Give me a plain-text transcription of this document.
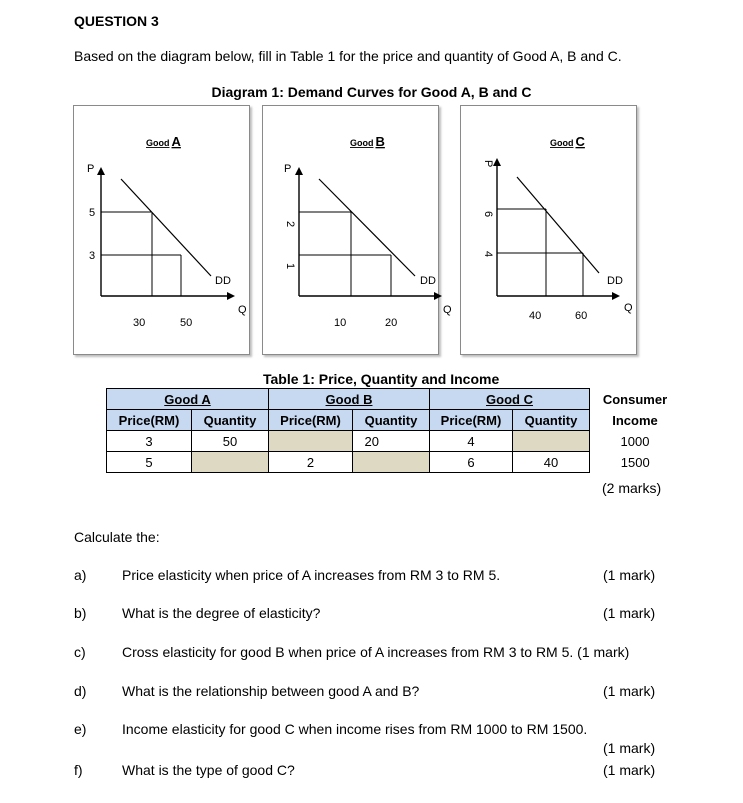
QUESTION 3
Based on the diagram below, fill in Table 1 for the price and quantity of Good A, B and C.
Diagram 1: Demand Curves for Good A, B and C
Good A
P
5
3
DD
Q
30	50
Good B
P
2
1
DD
Q
10	20
Good C
P
6
4
DD
Q
40	60
Table 1: Price, Quantity and Income
Good A		Good B		Good C		Consumer
Price(RM)	Quantity	Price(RM)	Quantity	Price(RM)	Quantity	Income
3	50		20	4		1000
5		2		6	40	1500
(2 marks)
Calculate the:
a)	Price elasticity when price of A increases from RM 3 to RM 5.	(1 mark)
b)	What is the degree of elasticity?	(1 mark)
c)	Cross elasticity for good B when price of A increases from RM 3 to RM 5. (1 mark)
d)	What is the relationship between good A and B?	(1 mark)
e)	Income elasticity for good C when income rises from RM 1000 to RM 1500.
(1 mark)
f)	What is the type of good C?	(1 mark)
